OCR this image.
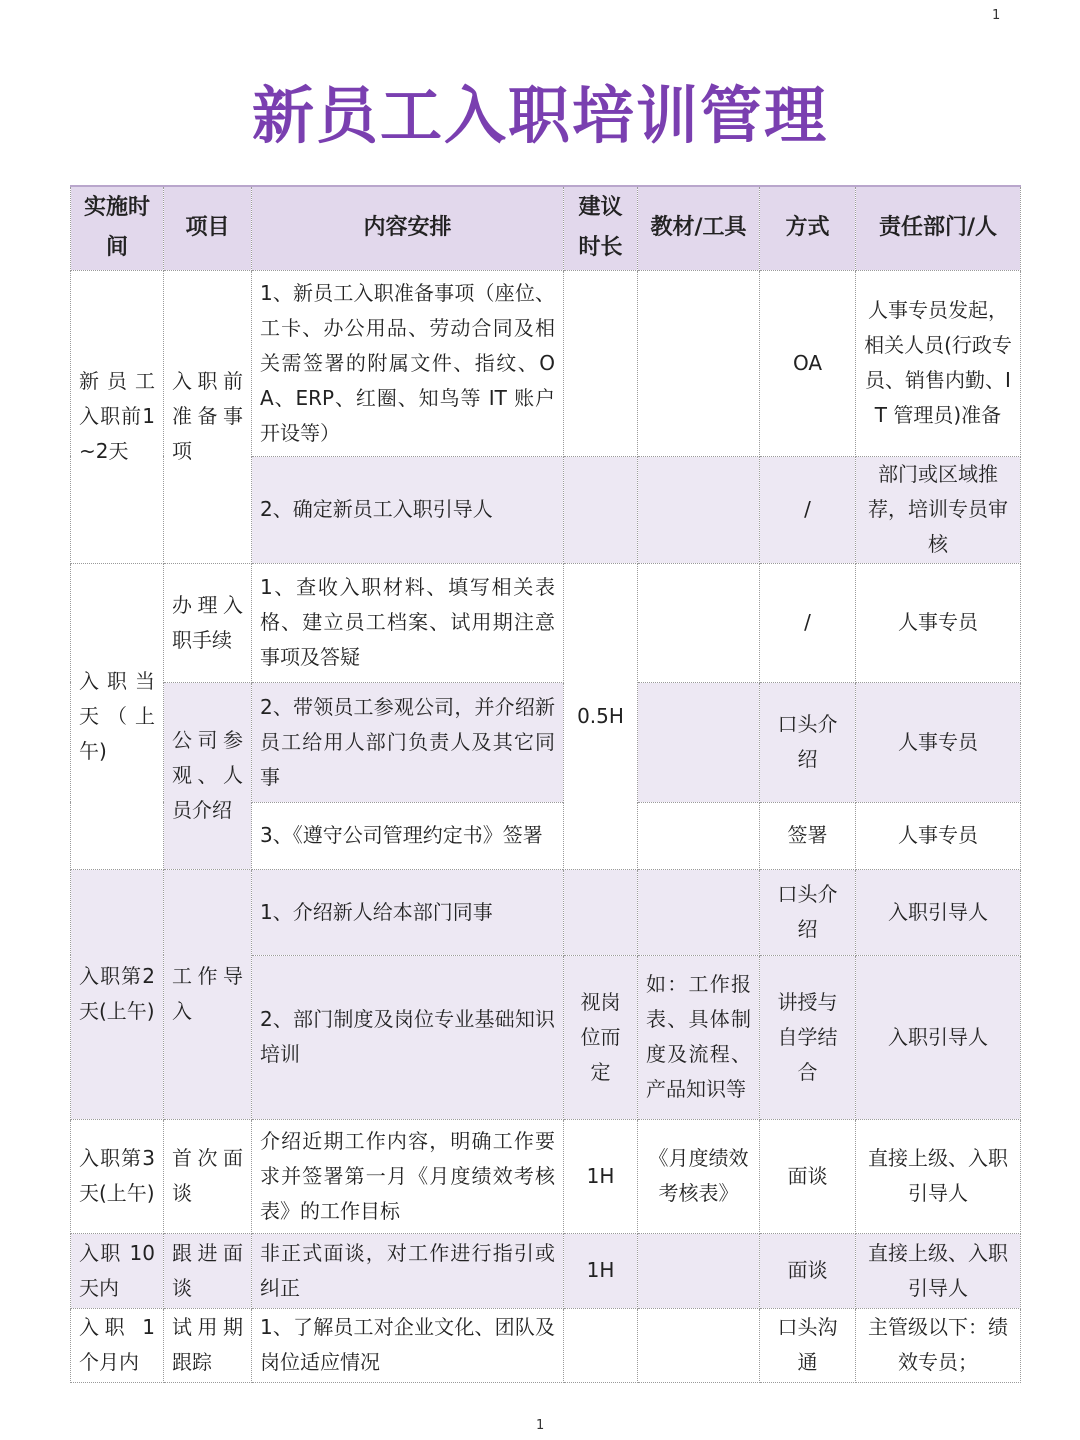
1
新员工入职培训管理
实施时间	项目	内容安排	建议时长	教材/工具	方式	责任部门/人
新员工入职前1~2天	入职前准备事项	1、新员工入职准备事项（座位、工卡、办公用品、劳动合同及相关需签署的附属文件、指纹、OA、ERP、红圈、知鸟等 IT 账户开设等）			OA	人事专员发起，相关人员(行政专员、销售内勤、IT 管理员)准备
		2、确定新员工入职引导人			/	部门或区域推荐，培训专员审核
入职当天（上午)	办理入职手续	1、查收入职材料、填写相关表格、建立员工档案、试用期注意事项及答疑	0.5H		/	人事专员
	公司参观、人员介绍	2、带领员工参观公司，并介绍新员工给用人部门负责人及其它同事			口头介绍	人事专员
		3、《遵守公司管理约定书》签署			签署	人事专员
入职第2天(上午)	工作导入	1、介绍新人给本部门同事			口头介绍	入职引导人
		2、部门制度及岗位专业基础知识培训	视岗位而定	如：工作报表、具体制度及流程、产品知识等	讲授与自学结合	入职引导人
入职第3天(上午)	首次面谈	介绍近期工作内容，明确工作要求并签署第一月《月度绩效考核表》的工作目标	1H	《月度绩效考核表》	面谈	直接上级、入职引导人
入职 10 天内	跟进面谈	非正式面谈，对工作进行指引或纠正	1H		面谈	直接上级、入职引导人
入职 1 个月内	试用期跟踪	1、了解员工对企业文化、团队及岗位适应情况			口头沟通	主管级以下：绩效专员；
1
